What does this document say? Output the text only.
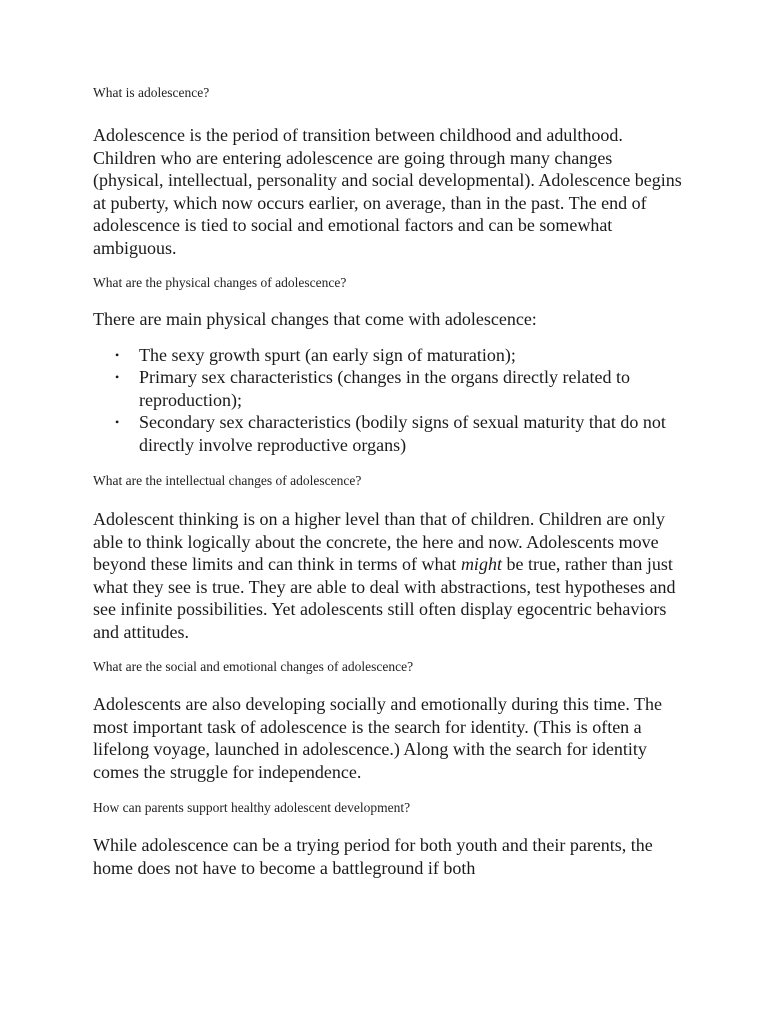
What is adolescence?

Adolescence is the period of transition between childhood and adulthood. Children who are entering adolescence are going through many changes (physical, intellectual, personality and social developmental). Adolescence begins at puberty, which now occurs earlier, on average, than in the past. The end of adolescence is tied to social and emotional factors and can be somewhat ambiguous.

What are the physical changes of adolescence?

There are main physical changes that come with adolescence:

• The sexy growth spurt (an early sign of maturation);
• Primary sex characteristics (changes in the organs directly related to reproduction);
• Secondary sex characteristics (bodily signs of sexual maturity that do not directly involve reproductive organs)

What are the intellectual changes of adolescence?

Adolescent thinking is on a higher level than that of children. Children are only able to think logically about the concrete, the here and now. Adolescents move beyond these limits and can think in terms of what might be true, rather than just what they see is true. They are able to deal with abstractions, test hypotheses and see infinite possibilities. Yet adolescents still often display egocentric behaviors and attitudes.

What are the social and emotional changes of adolescence?

Adolescents are also developing socially and emotionally during this time. The most important task of adolescence is the search for identity. (This is often a lifelong voyage, launched in adolescence.) Along with the search for identity comes the struggle for independence.

How can parents support healthy adolescent development?

While adolescence can be a trying period for both youth and their parents, the home does not have to become a battleground if both
